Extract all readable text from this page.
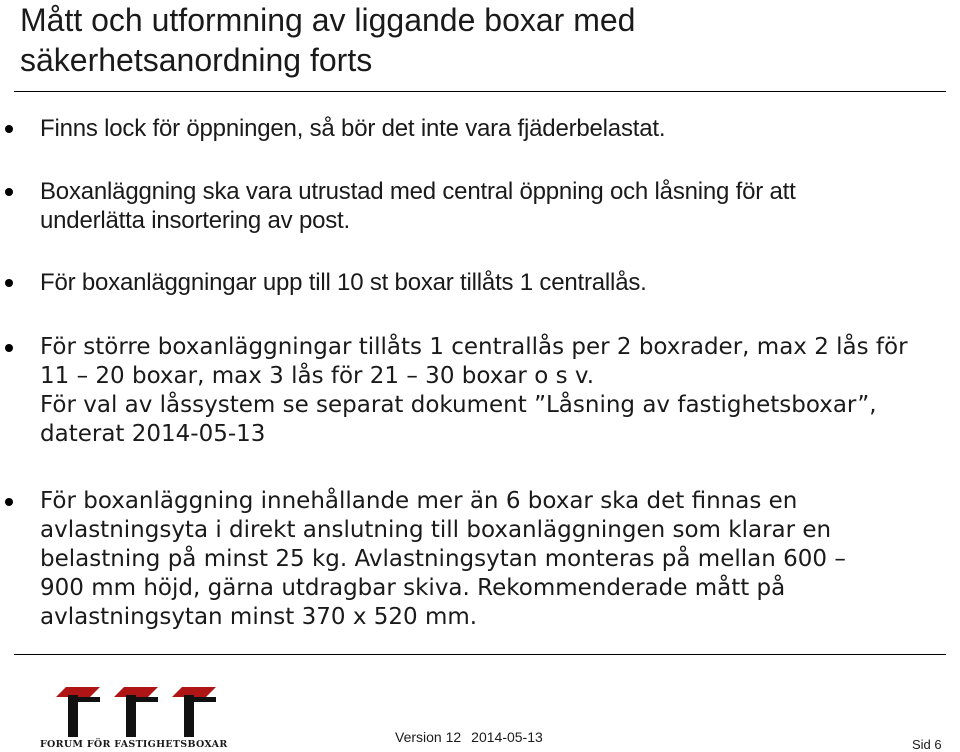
Mått och utformning av liggande boxar med
säkerhetsanordning forts
Finns lock för öppningen, så bör det inte vara fjäderbelastat.
Boxanläggning ska vara utrustad med central öppning och låsning för att
underlätta insortering av post.
För boxanläggningar upp till 10 st boxar tillåts 1 centrallås.
För större boxanläggningar tillåts 1 centrallås per 2 boxrader, max 2 lås för
11 – 20 boxar, max 3 lås för 21 – 30 boxar o s v.
För val av låssystem se separat dokument ”Låsning av fastighetsboxar”,
daterat 2014-05-13
För boxanläggning innehållande mer än 6 boxar ska det finnas en
avlastningsyta i direkt anslutning till boxanläggningen som klarar en
belastning på minst 25 kg. Avlastningsytan monteras på mellan 600 –
900 mm höjd, gärna utdragbar skiva. Rekommenderade mått på
avlastningsytan minst 370 x 520 mm.
FORUM FÖR FASTIGHETSBOXAR	Version 12 2014-05-13	Sid 6
